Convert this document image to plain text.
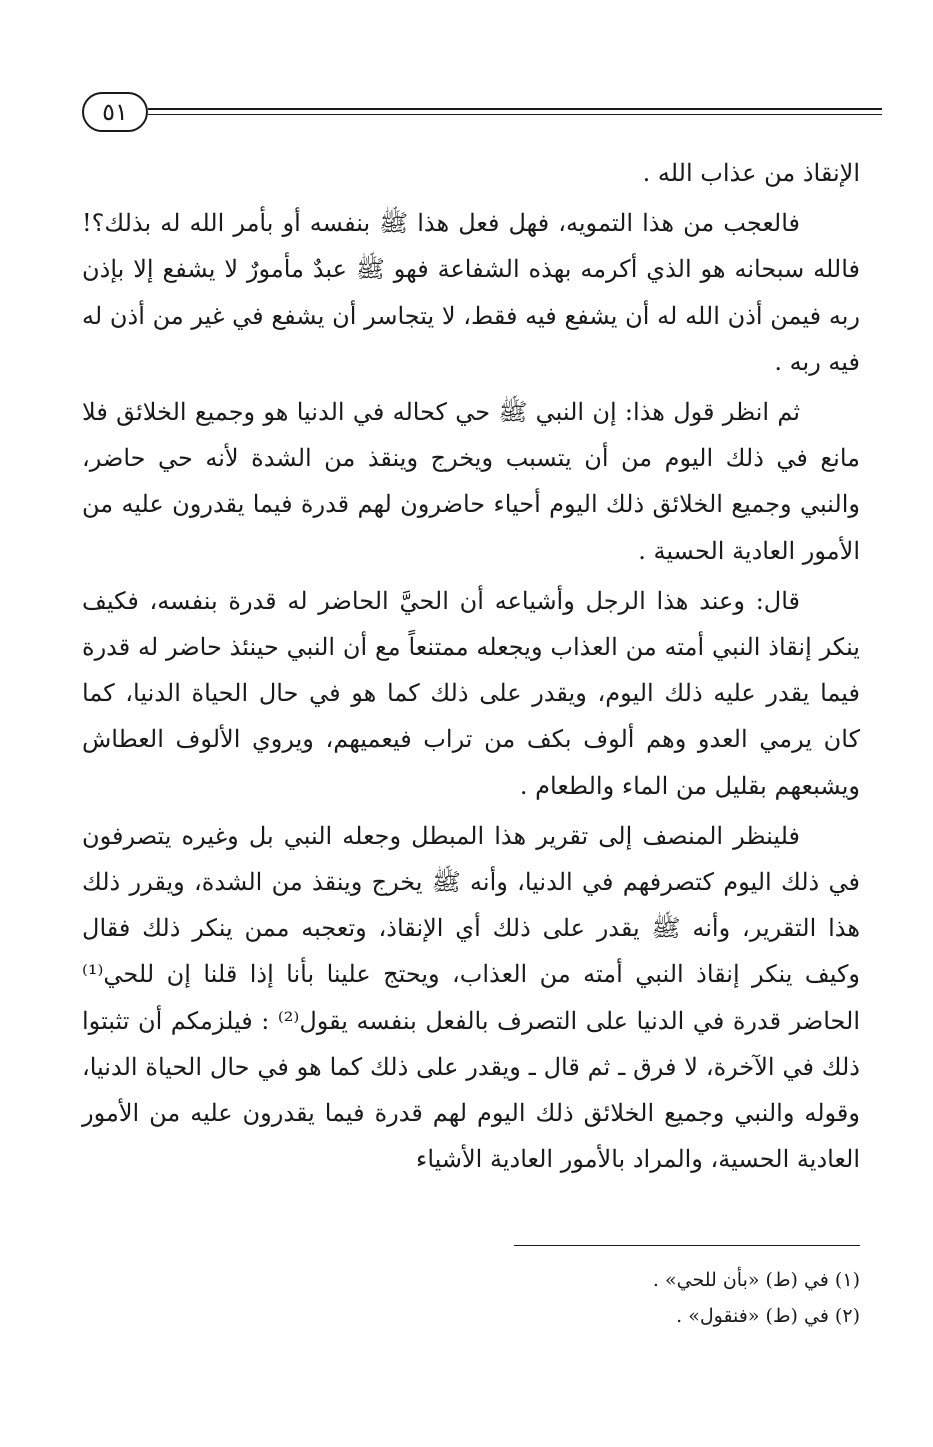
٥١

الإنقاذ من عذاب الله .

فالعجب من هذا التمويه، فهل فعل هذا ﷺ بنفسه أو بأمر الله له بذلك؟! فالله سبحانه هو الذي أكرمه بهذه الشفاعة فهو ﷺ عبدٌ مأمورٌ لا يشفع إلا بإذن ربه فيمن أذن الله له أن يشفع فيه فقط، لا يتجاسر أن يشفع في غير من أذن له فيه ربه .

ثم انظر قول هذا: إن النبي ﷺ حي كحاله في الدنيا هو وجميع الخلائق فلا مانع في ذلك اليوم من أن يتسبب ويخرج وينقذ من الشدة لأنه حي حاضر، والنبي وجميع الخلائق ذلك اليوم أحياء حاضرون لهم قدرة فيما يقدرون عليه من الأمور العادية الحسية .

قال: وعند هذا الرجل وأشياعه أن الحيَّ الحاضر له قدرة بنفسه، فكيف ينكر إنقاذ النبي أمته من العذاب ويجعله ممتنعاً مع أن النبي حينئذ حاضر له قدرة فيما يقدر عليه ذلك اليوم، ويقدر على ذلك كما هو في حال الحياة الدنيا، كما كان يرمي العدو وهم ألوف بكف من تراب فيعميهم، ويروي الألوف العطاش ويشبعهم بقليل من الماء والطعام .

فلينظر المنصف إلى تقرير هذا المبطل وجعله النبي بل وغيره يتصرفون في ذلك اليوم كتصرفهم في الدنيا، وأنه ﷺ يخرج وينقذ من الشدة، ويقرر ذلك هذا التقرير، وأنه ﷺ يقدر على ذلك أي الإنقاذ، وتعجبه ممن ينكر ذلك فقال وكيف ينكر إنقاذ النبي أمته من العذاب، ويحتج علينا بأنا إذا قلنا إن للحي⁽¹⁾ الحاضر قدرة في الدنيا على التصرف بالفعل بنفسه يقول⁽²⁾ : فيلزمكم أن تثبتوا ذلك في الآخرة، لا فرق ـ ثم قال ـ ويقدر على ذلك كما هو في حال الحياة الدنيا، وقوله والنبي وجميع الخلائق ذلك اليوم لهم قدرة فيما يقدرون عليه من الأمور العادية الحسية، والمراد بالأمور العادية الأشياء

(١) في (ط) «بأن للحي» .
(٢) في (ط) «فنقول» .
